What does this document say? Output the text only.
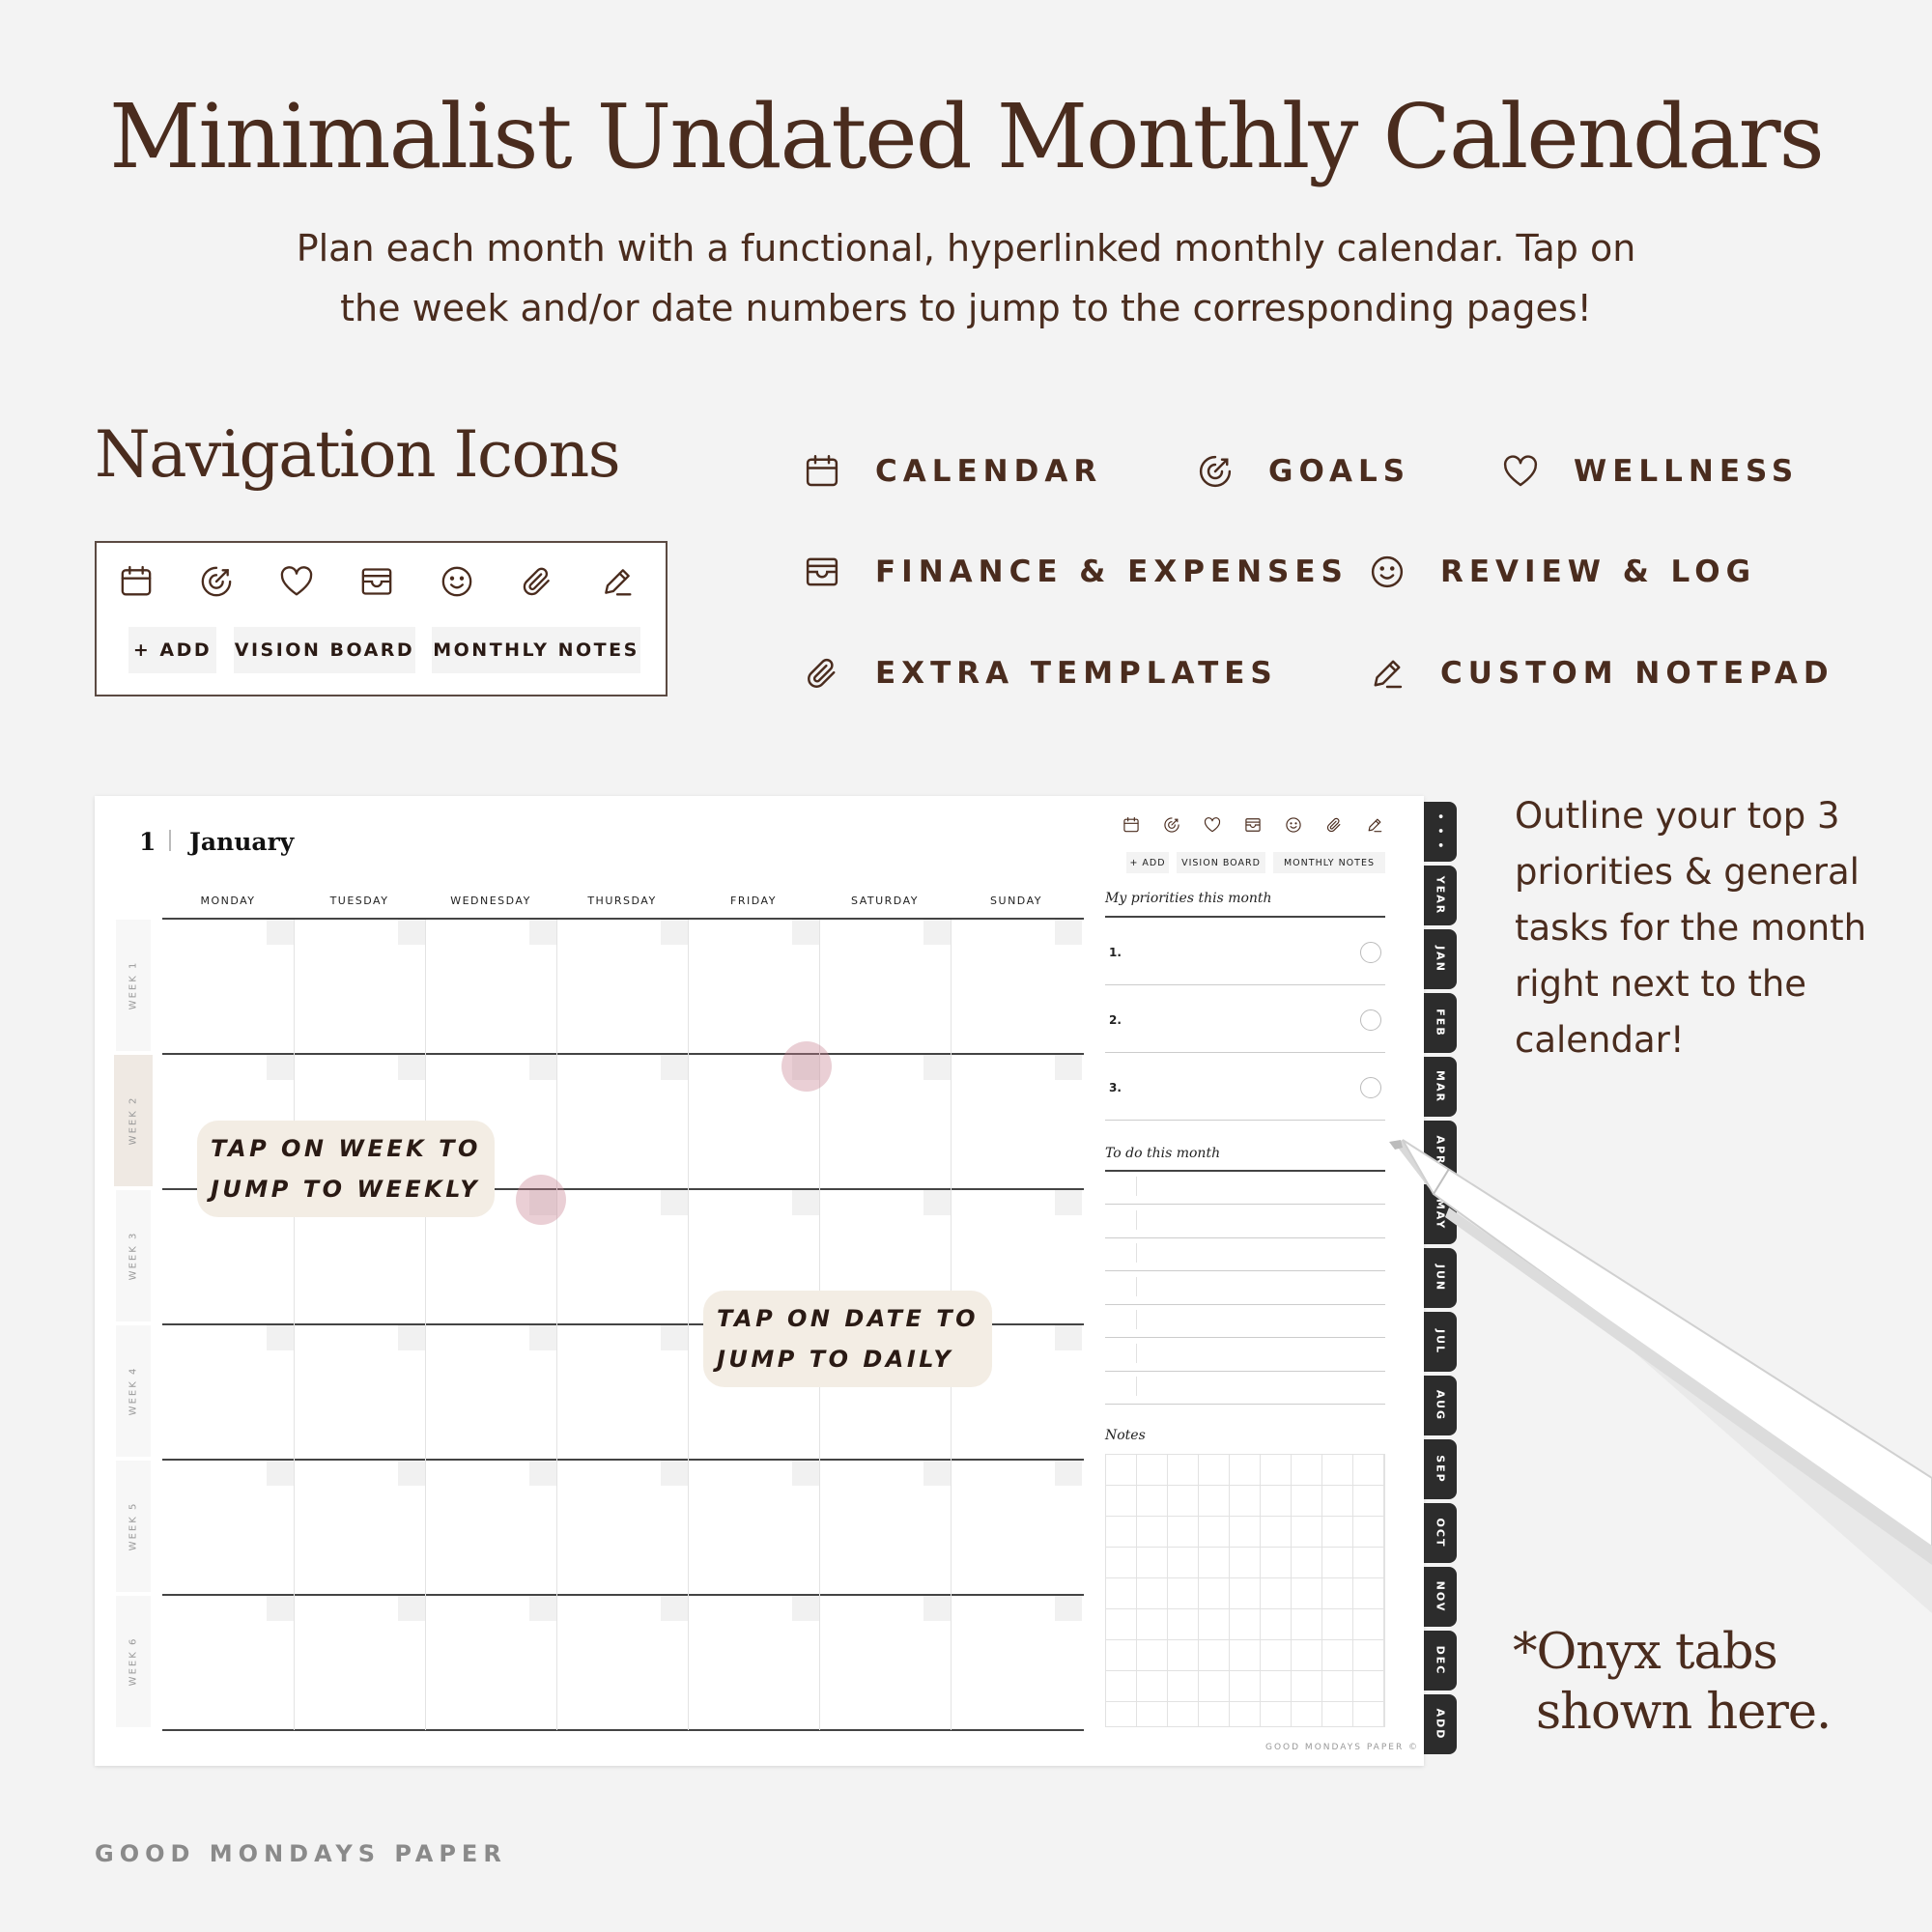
Minimalist Undated Monthly Calendars
Plan each month with a functional, hyperlinked monthly calendar. Tap on
the week and/or date numbers to jump to the corresponding pages!
Navigation Icons
+ ADD VISION BOARD MONTHLY NOTES
CALENDAR	GOALS	WELLNESS
FINANCE & EXPENSES	REVIEW & LOG
EXTRA TEMPLATES	CUSTOM NOTEPAD
1 January
MONDAY	TUESDAY	WEDNESDAY	THURSDAY	FRIDAY	SATURDAY	SUNDAY
WEEK 1
WEEK 2
WEEK 3
WEEK 4
WEEK 5
WEEK 6
TAP ON WEEK TO
JUMP TO WEEKLY
TAP ON DATE TO
JUMP TO DAILY
+ ADD	VISION BOARD	MONTHLY NOTES
My priorities this month
1.
2.
3.
To do this month
Notes
GOOD MONDAYS PAPER ©
• • •
YEAR
JAN
FEB
MAR
APR
MAY
JUN
JUL
AUG
SEP
OCT
NOV
DEC
ADD
Outline your top 3
priorities & general
tasks for the month
right next to the
calendar!
*Onyx tabs
shown here.
GOOD MONDAYS PAPER
